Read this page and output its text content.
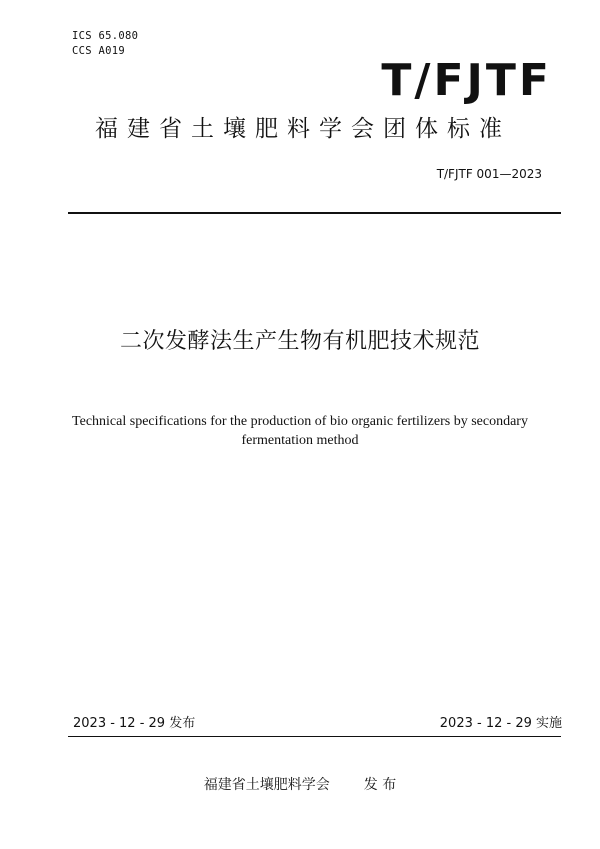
ICS 65.080
CCS A019
T/FJTF
福建省土壤肥料学会团体标准
T/FJTF 001—2023
二次发酵法生产生物有机肥技术规范
Technical specifications for the production of bio organic fertilizers by secondary
fermentation method
2023 - 12 - 29 发布	2023 - 12 - 29 实施
福建省土壤肥料学会 发 布
